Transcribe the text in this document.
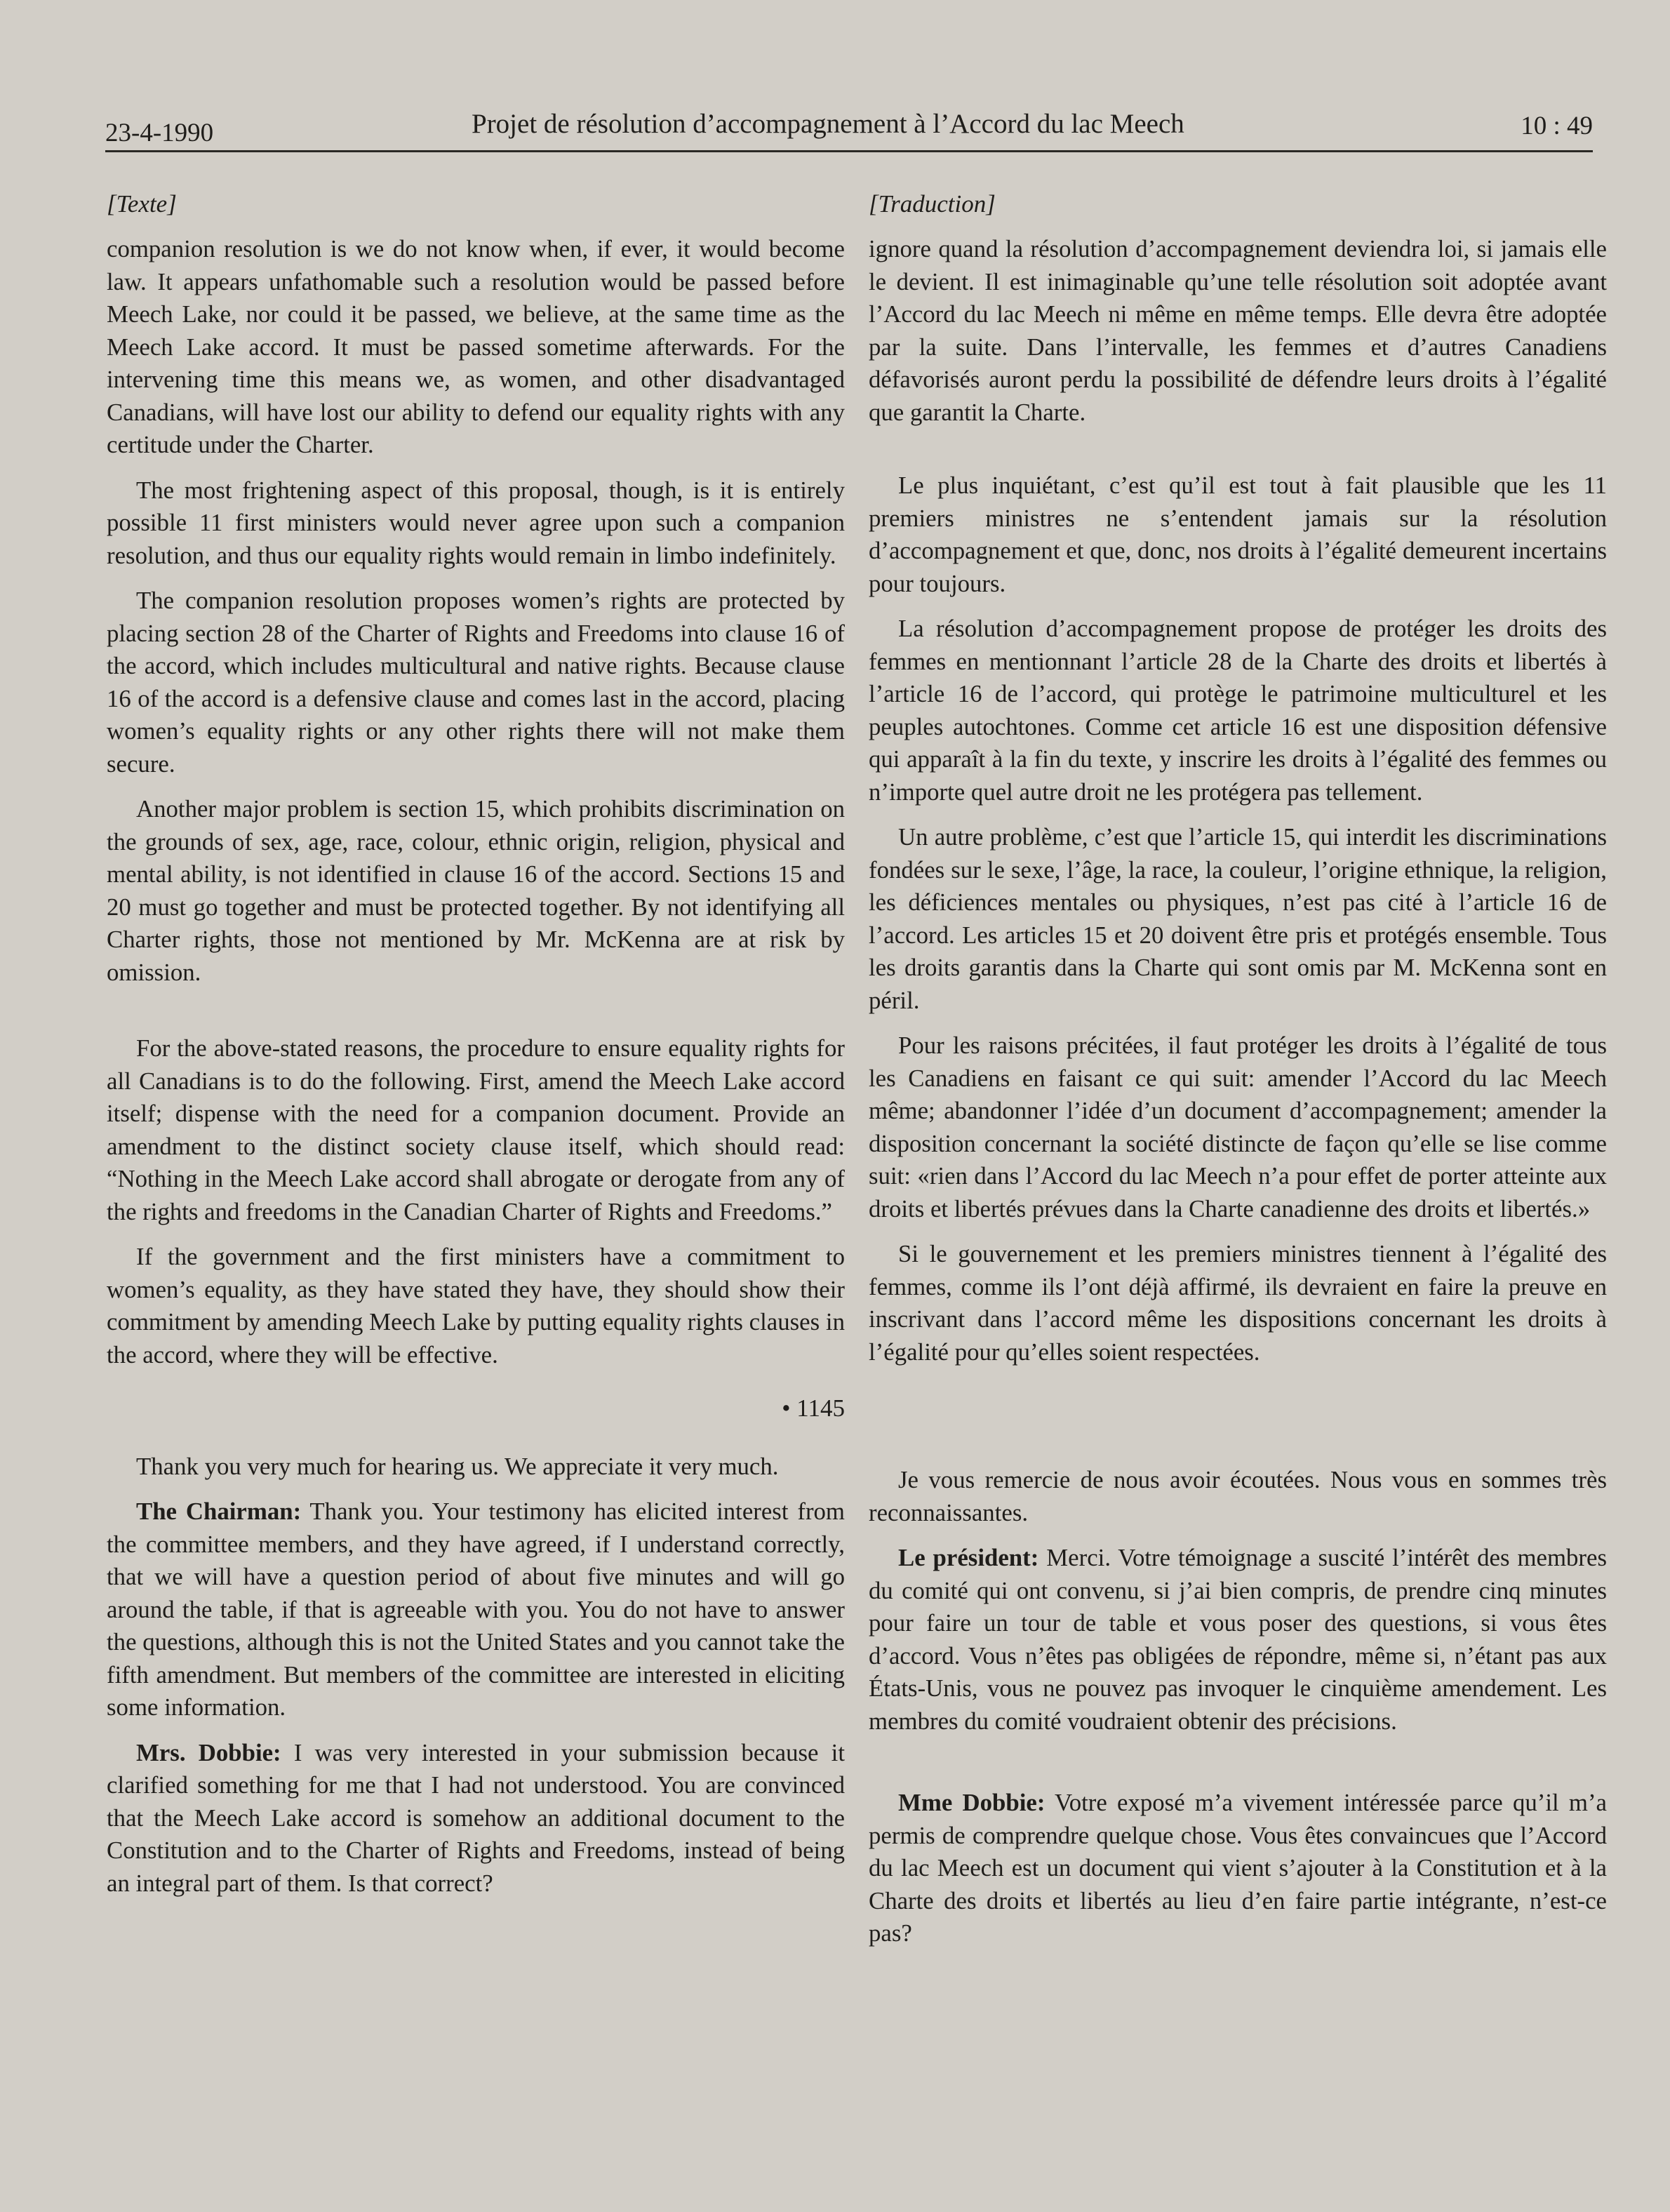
23-4-1990	Projet de résolution d’accompagnement à l’Accord du lac Meech	10 : 49
[Texte]

companion resolution is we do not know when, if ever, it would become law. It appears unfathomable such a resolution would be passed before Meech Lake, nor could it be passed, we believe, at the same time as the Meech Lake accord. It must be passed sometime afterwards. For the intervening time this means we, as women, and other disadvantaged Canadians, will have lost our ability to defend our equality rights with any certitude under the Charter.

The most frightening aspect of this proposal, though, is it is entirely possible 11 first ministers would never agree upon such a companion resolution, and thus our equality rights would remain in limbo indefinitely.

The companion resolution proposes women’s rights are protected by placing section 28 of the Charter of Rights and Freedoms into clause 16 of the accord, which includes multicultural and native rights. Because clause 16 of the accord is a defensive clause and comes last in the accord, placing women’s equality rights or any other rights there will not make them secure.

Another major problem is section 15, which prohibits discrimination on the grounds of sex, age, race, colour, ethnic origin, religion, physical and mental ability, is not identified in clause 16 of the accord. Sections 15 and 20 must go together and must be protected together. By not identifying all Charter rights, those not mentioned by Mr. McKenna are at risk by omission.

For the above-stated reasons, the procedure to ensure equality rights for all Canadians is to do the following. First, amend the Meech Lake accord itself; dispense with the need for a companion document. Provide an amendment to the distinct society clause itself, which should read: “Nothing in the Meech Lake accord shall abrogate or derogate from any of the rights and freedoms in the Canadian Charter of Rights and Freedoms.”

If the government and the first ministers have a commitment to women’s equality, as they have stated they have, they should show their commitment by amending Meech Lake by putting equality rights clauses in the accord, where they will be effective.

• 1145

Thank you very much for hearing us. We appreciate it very much.

The Chairman: Thank you. Your testimony has elicited interest from the committee members, and they have agreed, if I understand correctly, that we will have a question period of about five minutes and will go around the table, if that is agreeable with you. You do not have to answer the questions, although this is not the United States and you cannot take the fifth amendment. But members of the committee are interested in eliciting some information.

Mrs. Dobbie: I was very interested in your submission because it clarified something for me that I had not understood. You are convinced that the Meech Lake accord is somehow an additional document to the Constitution and to the Charter of Rights and Freedoms, instead of being an integral part of them. Is that correct?

[Traduction]

ignore quand la résolution d’accompagnement deviendra loi, si jamais elle le devient. Il est inimaginable qu’une telle résolution soit adoptée avant l’Accord du lac Meech ni même en même temps. Elle devra être adoptée par la suite. Dans l’intervalle, les femmes et d’autres Canadiens défavorisés auront perdu la possibilité de défendre leurs droits à l’égalité que garantit la Charte.

Le plus inquiétant, c’est qu’il est tout à fait plausible que les 11 premiers ministres ne s’entendent jamais sur la résolution d’accompagnement et que, donc, nos droits à l’égalité demeurent incertains pour toujours.

La résolution d’accompagnement propose de protéger les droits des femmes en mentionnant l’article 28 de la Charte des droits et libertés à l’article 16 de l’accord, qui protège le patrimoine multiculturel et les peuples autochtones. Comme cet article 16 est une disposition défensive qui apparaît à la fin du texte, y inscrire les droits à l’égalité des femmes ou n’importe quel autre droit ne les protégera pas tellement.

Un autre problème, c’est que l’article 15, qui interdit les discriminations fondées sur le sexe, l’âge, la race, la couleur, l’origine ethnique, la religion, les déficiences mentales ou physiques, n’est pas cité à l’article 16 de l’accord. Les articles 15 et 20 doivent être pris et protégés ensemble. Tous les droits garantis dans la Charte qui sont omis par M. McKenna sont en péril.

Pour les raisons précitées, il faut protéger les droits à l’égalité de tous les Canadiens en faisant ce qui suit: amender l’Accord du lac Meech même; abandonner l’idée d’un document d’accompagnement; amender la disposition concernant la société distincte de façon qu’elle se lise comme suit: «rien dans l’Accord du lac Meech n’a pour effet de porter atteinte aux droits et libertés prévues dans la Charte canadienne des droits et libertés.»

Si le gouvernement et les premiers ministres tiennent à l’égalité des femmes, comme ils l’ont déjà affirmé, ils devraient en faire la preuve en inscrivant dans l’accord même les dispositions concernant les droits à l’égalité pour qu’elles soient respectées.

Je vous remercie de nous avoir écoutées. Nous vous en sommes très reconnaissantes.

Le président: Merci. Votre témoignage a suscité l’intérêt des membres du comité qui ont convenu, si j’ai bien compris, de prendre cinq minutes pour faire un tour de table et vous poser des questions, si vous êtes d’accord. Vous n’êtes pas obligées de répondre, même si, n’étant pas aux États-Unis, vous ne pouvez pas invoquer le cinquième amendement. Les membres du comité voudraient obtenir des précisions.

Mme Dobbie: Votre exposé m’a vivement intéressée parce qu’il m’a permis de comprendre quelque chose. Vous êtes convaincues que l’Accord du lac Meech est un document qui vient s’ajouter à la Constitution et à la Charte des droits et libertés au lieu d’en faire partie intégrante, n’est-ce pas?
